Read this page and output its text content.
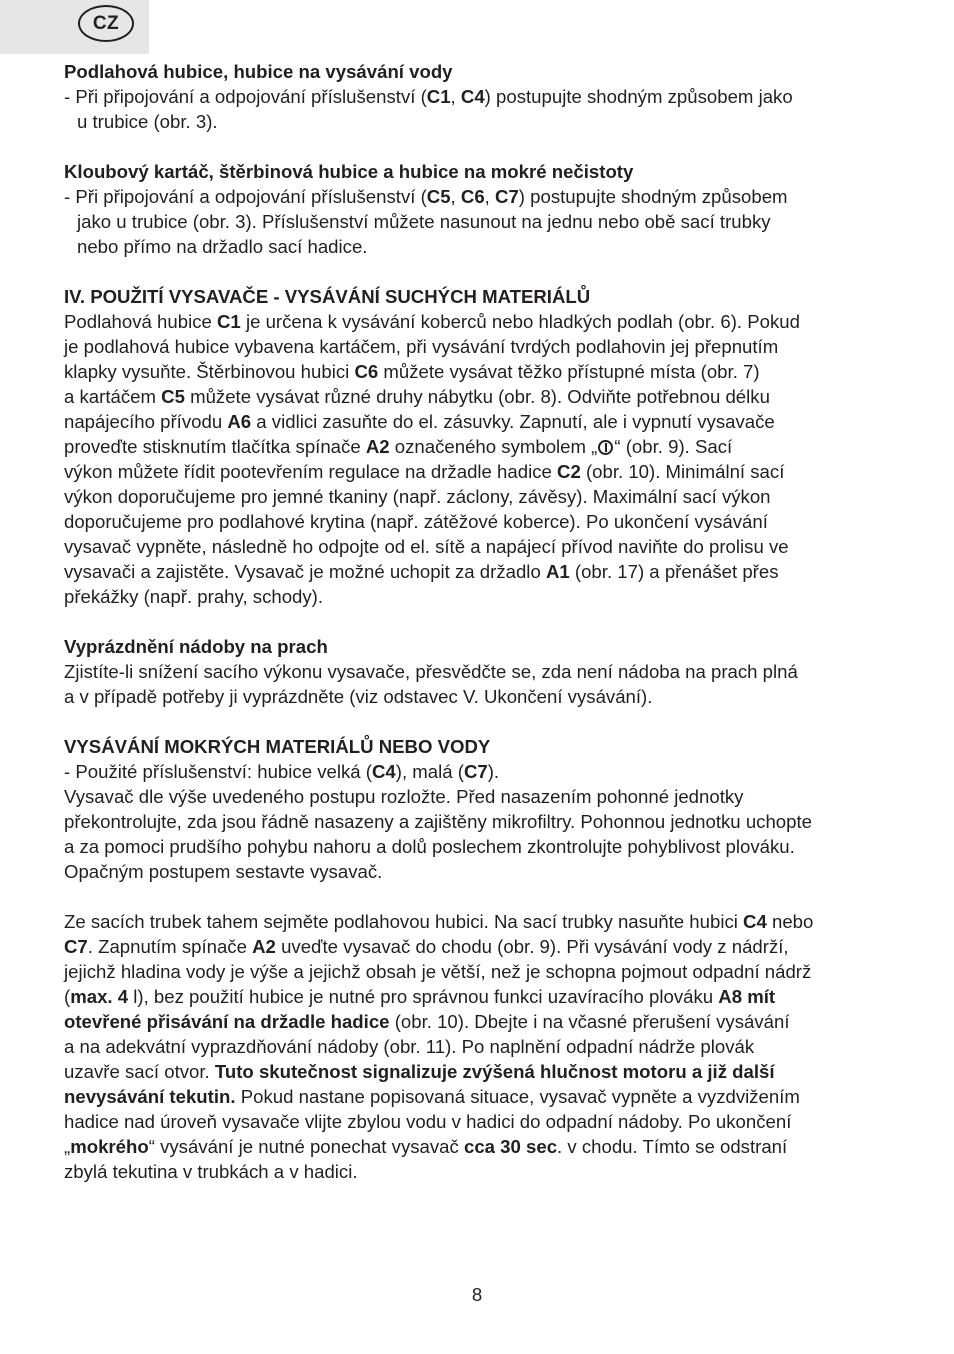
CZ
Podlahová hubice, hubice na vysávání vody
- Při připojování a odpojování příslušenství (C1, C4) postupujte shodným způsobem jako
u trubice (obr. 3).
Kloubový kartáč, štěrbinová hubice a hubice na mokré nečistoty
- Při připojování a odpojování příslušenství (C5, C6, C7) postupujte shodným způsobem
jako u trubice (obr. 3). Příslušenství můžete nasunout na jednu nebo obě sací trubky
nebo přímo na držadlo sací hadice.
IV. POUŽITÍ VYSAVAČE - VYSÁVÁNÍ SUCHÝCH MATERIÁLŮ
Podlahová hubice C1 je určena k vysávání koberců nebo hladkých podlah (obr. 6). Pokud
je podlahová hubice vybavena kartáčem, při vysávání tvrdých podlahovin jej přepnutím
klapky vysuňte. Štěrbinovou hubici C6 můžete vysávat těžko přístupné místa (obr. 7)
a kartáčem C5 můžete vysávat různé druhy nábytku (obr. 8). Odviňte potřebnou délku
napájecího přívodu A6 a vidlici zasuňte do el. zásuvky. Zapnutí, ale i vypnutí vysavače
proveďte stisknutím tlačítka spínače A2 označeného symbolem „ “ (obr. 9). Sací
výkon můžete řídit pootevřením regulace na držadle hadice C2 (obr. 10). Minimální sací
výkon doporučujeme pro jemné tkaniny (např. záclony, závěsy). Maximální sací výkon
doporučujeme pro podlahové krytina (např. zátěžové koberce). Po ukončení vysávání
vysavač vypněte, následně ho odpojte od el. sítě a napájecí přívod naviňte do prolisu ve
vysavači a zajistěte. Vysavač je možné uchopit za držadlo A1 (obr. 17) a přenášet přes
překážky (např. prahy, schody).
Vyprázdnění nádoby na prach
Zjistíte-li snížení sacího výkonu vysavače, přesvědčte se, zda není nádoba na prach plná
a v případě potřeby ji vyprázdněte (viz odstavec V. Ukončení vysávání).
VYSÁVÁNÍ MOKRÝCH MATERIÁLŮ NEBO VODY
- Použité příslušenství: hubice velká (C4), malá (C7).
Vysavač dle výše uvedeného postupu rozložte. Před nasazením pohonné jednotky
překontrolujte, zda jsou řádně nasazeny a zajištěny mikrofiltry. Pohonnou jednotku uchopte
a za pomoci prudšího pohybu nahoru a dolů poslechem zkontrolujte pohyblivost plováku.
Opačným postupem sestavte vysavač.
Ze sacích trubek tahem sejměte podlahovou hubici. Na sací trubky nasuňte hubici C4 nebo
C7. Zapnutím spínače A2 uveďte vysavač do chodu (obr. 9). Při vysávání vody z nádrží,
jejichž hladina vody je výše a jejichž obsah je větší, než je schopna pojmout odpadní nádrž
(max. 4 l), bez použití hubice je nutné pro správnou funkci uzavíracího plováku A8 mít
otevřené přisávání na držadle hadice (obr. 10). Dbejte i na včasné přerušení vysávání
a na adekvátní vyprazdňování nádoby (obr. 11). Po naplnění odpadní nádrže plovák
uzavře sací otvor. Tuto skutečnost signalizuje zvýšená hlučnost motoru a již další
nevysávání tekutin. Pokud nastane popisovaná situace, vysavač vypněte a vyzdvižením
hadice nad úroveň vysavače vlijte zbylou vodu v hadici do odpadní nádoby. Po ukončení
„mokrého“ vysávání je nutné ponechat vysavač cca 30 sec. v chodu. Tímto se odstraní
zbylá tekutina v trubkách a v hadici.
8
